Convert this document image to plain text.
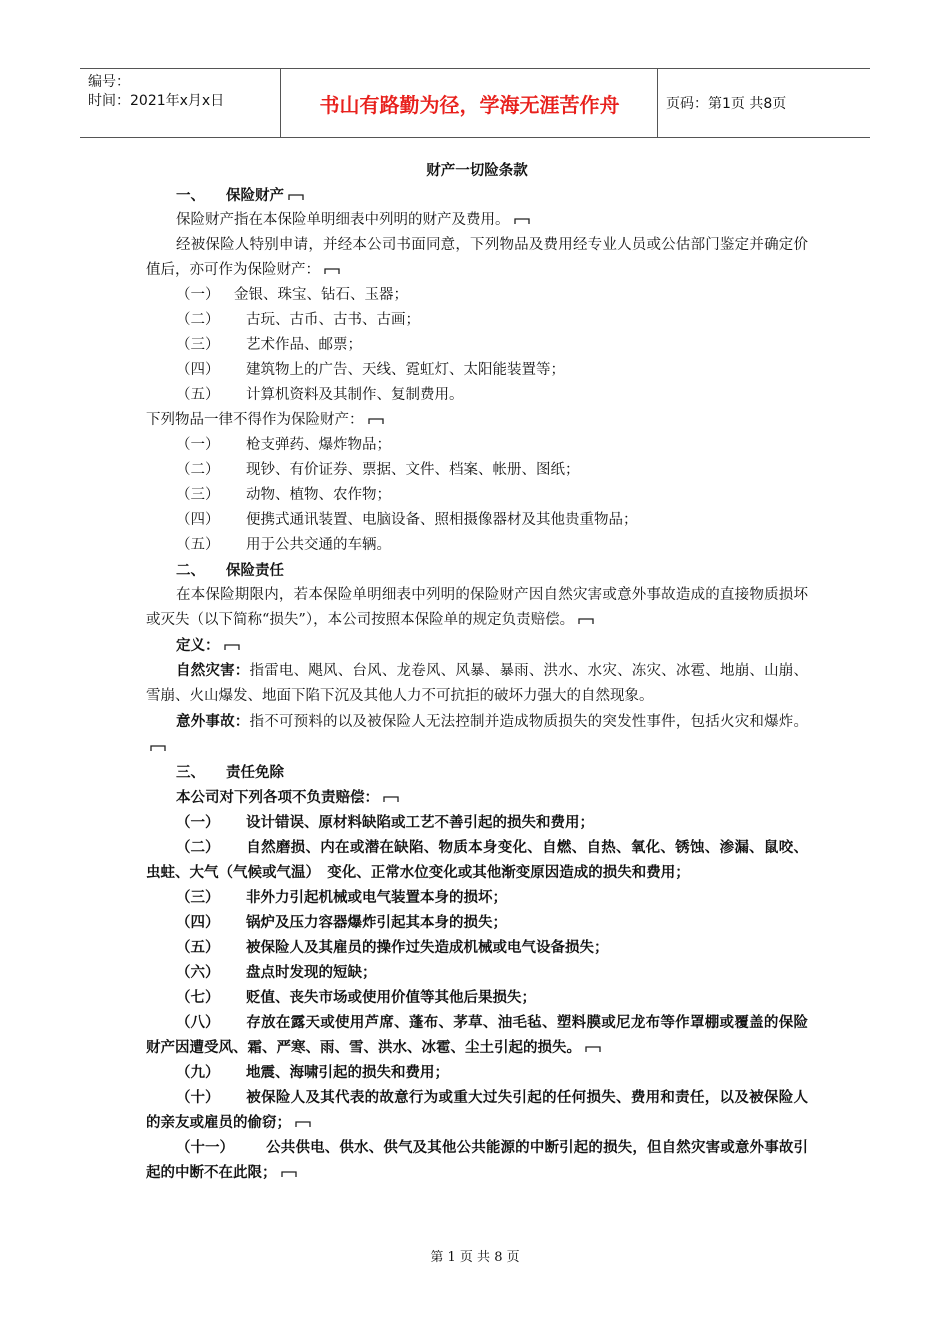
编号：
时间：2021年x月x日	书山有路勤为径，学海无涯苦作舟	页码：第1页 共8页
财产一切险条款
一、 保险财产
保险财产指在本保险单明细表中列明的财产及费用。
经被保险人特别申请，并经本公司书面同意，下列物品及费用经专业人员或公估部门鉴定并确定价值后，亦可作为保险财产：
（一） 金银、珠宝、钻石、玉器；
（二） 古玩、古币、古书、古画；
（三） 艺术作品、邮票；
（四） 建筑物上的广告、天线、霓虹灯、太阳能装置等；
（五） 计算机资料及其制作、复制费用。
下列物品一律不得作为保险财产：
（一） 枪支弹药、爆炸物品；
（二） 现钞、有价证券、票据、文件、档案、帐册、图纸；
（三） 动物、植物、农作物；
（四） 便携式通讯装置、电脑设备、照相摄像器材及其他贵重物品；
（五） 用于公共交通的车辆。
二、 保险责任
在本保险期限内，若本保险单明细表中列明的保险财产因自然灾害或意外事故造成的直接物质损坏或灭失（以下简称“损失”），本公司按照本保险单的规定负责赔偿。
定义：
自然灾害：指雷电、飓风、台风、龙卷风、风暴、暴雨、洪水、水灾、冻灾、冰雹、地崩、山崩、雪崩、火山爆发、地面下陷下沉及其他人力不可抗拒的破坏力强大的自然现象。
意外事故：指不可预料的以及被保险人无法控制并造成物质损失的突发性事件，包括火灾和爆炸。
三、 责任免除
本公司对下列各项不负责赔偿：
（一） 设计错误、原材料缺陷或工艺不善引起的损失和费用；
（二） 自然磨损、内在或潜在缺陷、物质本身变化、自燃、自热、氧化、锈蚀、渗漏、鼠咬、虫蛀、大气（气候或气温）　变化、正常水位变化或其他渐变原因造成的损失和费用；
（三） 非外力引起机械或电气装置本身的损坏；
（四） 锅炉及压力容器爆炸引起其本身的损失；
（五） 被保险人及其雇员的操作过失造成机械或电气设备损失；
（六） 盘点时发现的短缺；
（七） 贬值、丧失市场或使用价值等其他后果损失；
（八） 存放在露天或使用芦席、蓬布、茅草、油毛毡、塑料膜或尼龙布等作罩棚或覆盖的保险财产因遭受风、霜、严寒、雨、雪、洪水、冰雹、尘土引起的损失。
（九） 地震、海啸引起的损失和费用；
（十） 被保险人及其代表的故意行为或重大过失引起的任何损失、费用和责任，以及被保险人的亲友或雇员的偷窃；
（十一） 公共供电、供水、供气及其他公共能源的中断引起的损失，但自然灾害或意外事故引起的中断不在此限；
第 1 页 共 8 页
